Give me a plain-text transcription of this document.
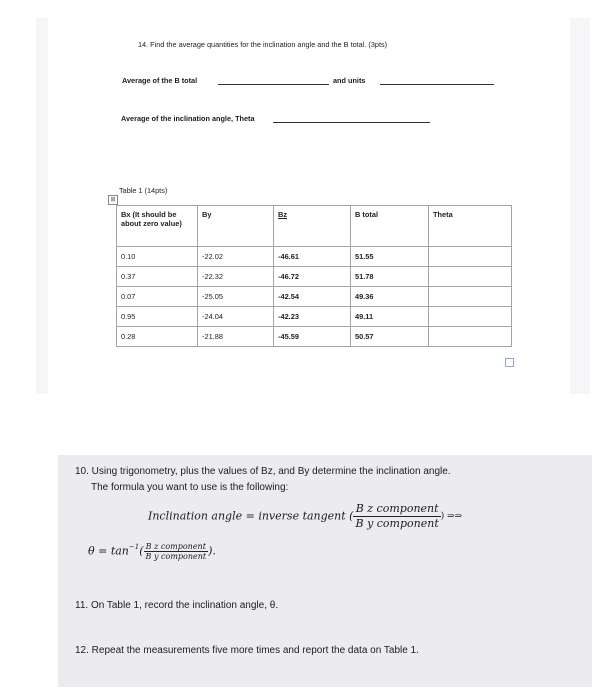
14. Find the average quantities for the inclination angle and the B total. (3pts)
Average of the B total	and units
Average of the inclination angle, Theta
Table 1 (14pts)
⊞
Bx (It should be about zero value)	By	Bz	B total	Theta
0.10	-22.02	-46.61	51.55	
0.37	-22.32	-46.72	51.78	
0.07	-25.05	-42.54	49.36	
0.95	-24.04	-42.23	49.11	
0.28	-21.88	-45.59	50.57	
10. Using trigonometry, plus the values of Bz, and By determine the inclination angle.
The formula you want to use is the following:
Inclination angle = inverse tangent ( $\frac{\text{B z component}}{\text{B y component}}$ ) ⇒⇒
$\theta = \tan^{-1}( \frac{\text{B z component}}{\text{B y component}}$ ).
11. On Table 1, record the inclination angle, θ.
12. Repeat the measurements five more times and report the data on Table 1.
